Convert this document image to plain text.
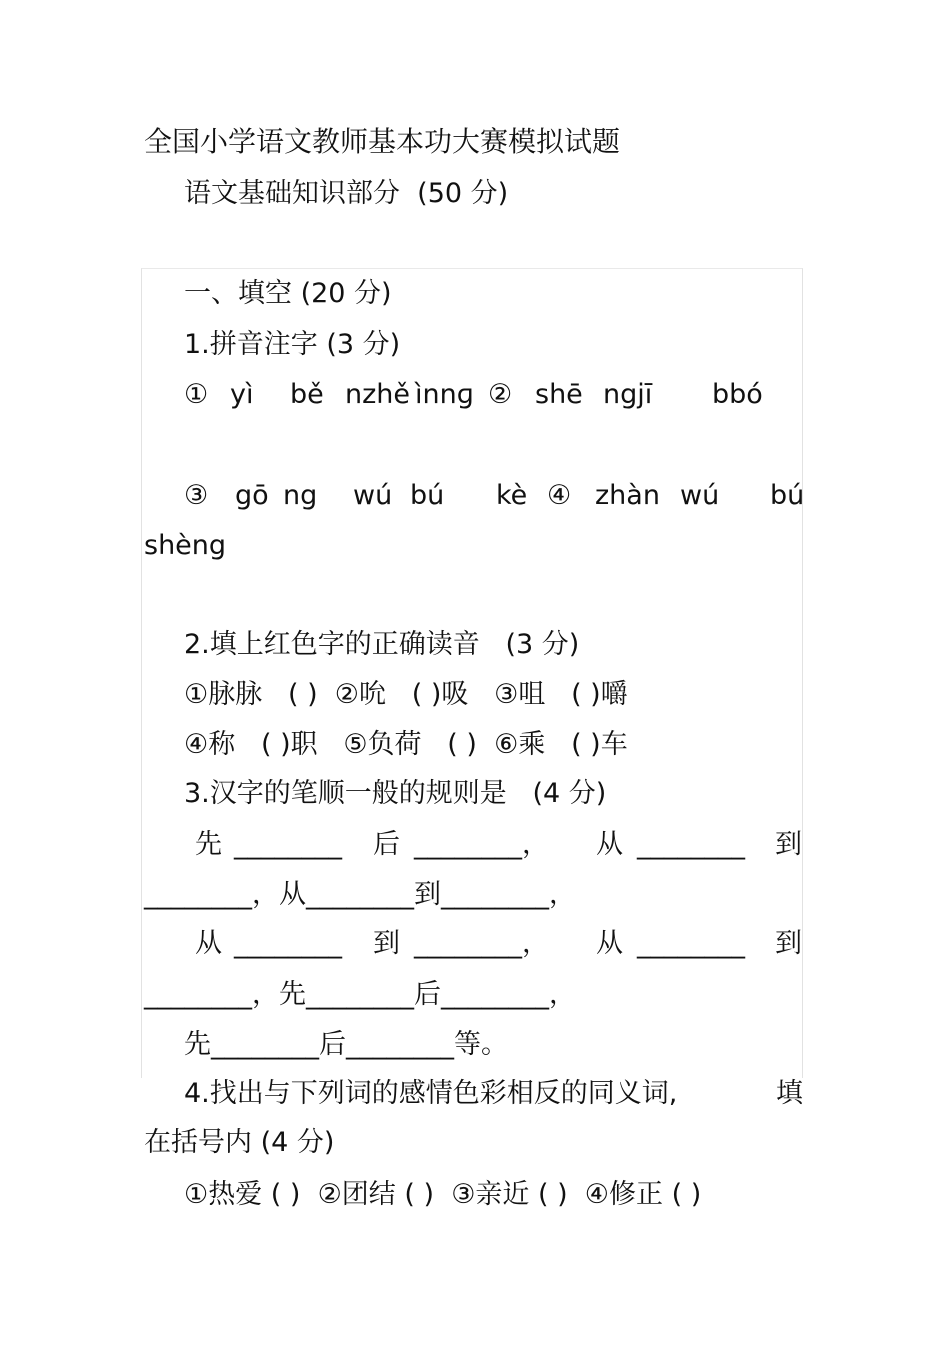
全国小学语文教师基本功大赛模拟试题
语文基础知识部分  (50 分)
一、填空 (20 分)
1.拼音注字 (3 分)
① yì bě nzhě ìnnɡ ② shē ngjī bbó
③ gō ng wú bú kè ④ zhàn wú bú
shèng
2.填上红色字的正确读音   (3 分)
①脉脉   ( )  ②吮   ( )吸   ③咀   ( )嚼
④称   ( )职   ⑤负荷   ( )  ⑥乘   ( )车
3.汉字的笔顺一般的规则是   (4 分)
先 ________ 后 ________， 从 ________ 到
________，从________到________，
从 ________ 到 ________， 从 ________ 到
________，先________后________，
先________后________等。
4.找出与下列词的感情色彩相反的同义词,	填
在括号内 (4 分)
①热爱 ( )  ②团结 ( )  ③亲近 ( )  ④修正 ( )
